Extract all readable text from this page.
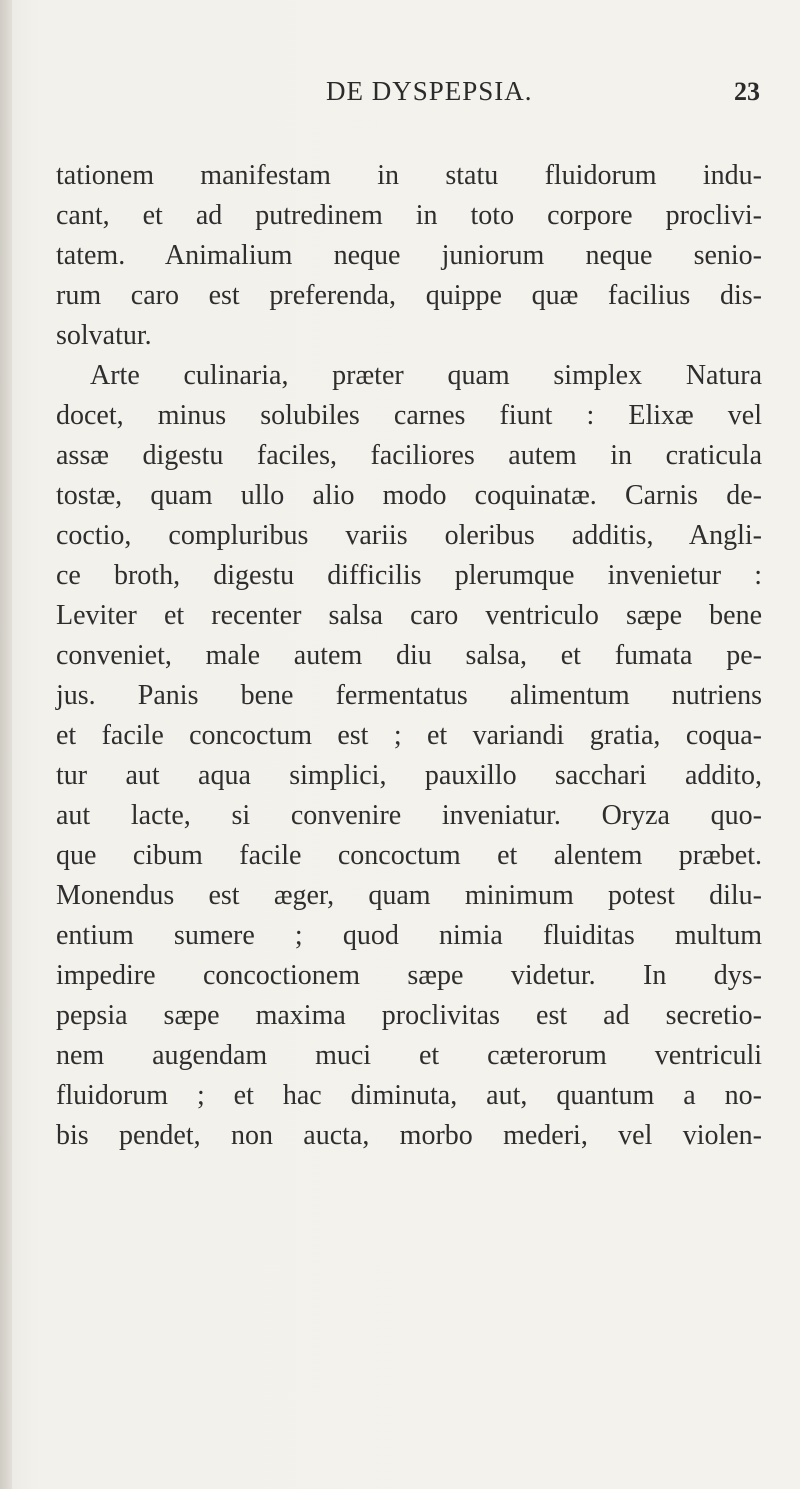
DE DYSPEPSIA.	23
tationem manifestam in statu fluidorum indu-
cant, et ad putredinem in toto corpore proclivi-
tatem. Animalium neque juniorum neque senio-
rum caro est preferenda, quippe quæ facilius dis-
solvatur.
Arte culinaria, præter quam simplex Natura
docet, minus solubiles carnes fiunt : Elixæ vel
assæ digestu faciles, faciliores autem in craticula
tostæ, quam ullo alio modo coquinatæ. Carnis de-
coctio, compluribus variis oleribus additis, Angli-
ce broth, digestu difficilis plerumque invenietur :
Leviter et recenter salsa caro ventriculo sæpe bene
conveniet, male autem diu salsa, et fumata pe-
jus. Panis bene fermentatus alimentum nutriens
et facile concoctum est ; et variandi gratia, coqua-
tur aut aqua simplici, pauxillo sacchari addito,
aut lacte, si convenire inveniatur. Oryza quo-
que cibum facile concoctum et alentem præbet.
Monendus est æger, quam minimum potest dilu-
entium sumere ; quod nimia fluiditas multum
impedire concoctionem sæpe videtur. In dys-
pepsia sæpe maxima proclivitas est ad secretio-
nem augendam muci et cæterorum ventriculi
fluidorum ; et hac diminuta, aut, quantum a no-
bis pendet, non aucta, morbo mederi, vel violen-
